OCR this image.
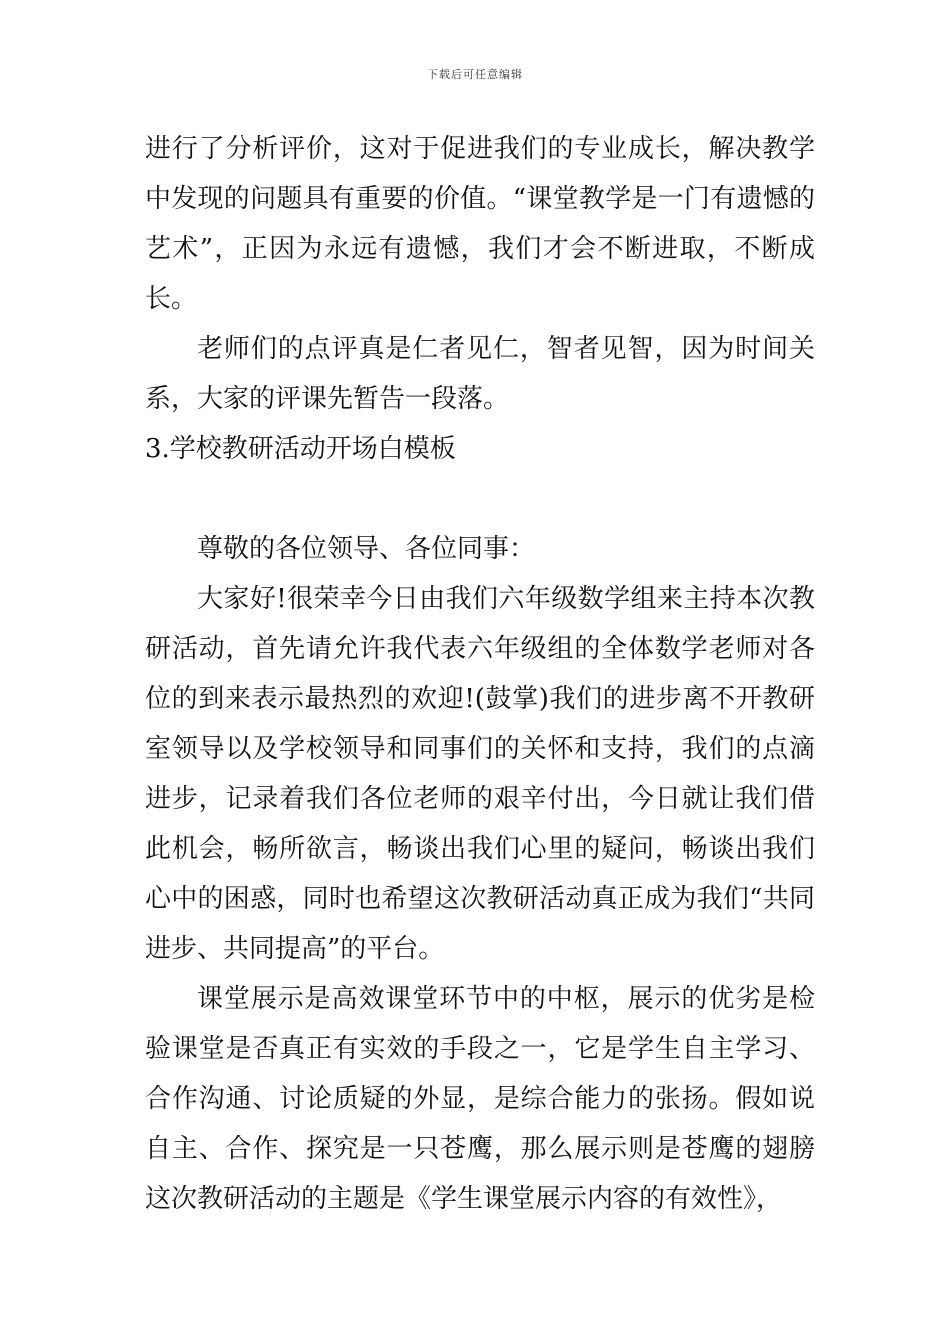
下载后可任意编辑

进行了分析评价，这对于促进我们的专业成长，解决教学中发现的问题具有重要的价值。“课堂教学是一门有遗憾的艺术”，正因为永远有遗憾，我们才会不断进取，不断成长。

老师们的点评真是仁者见仁，智者见智，因为时间关系，大家的评课先暂告一段落。

3.学校教研活动开场白模板

尊敬的各位领导、各位同事：

大家好!很荣幸今日由我们六年级数学组来主持本次教研活动，首先请允许我代表六年级组的全体数学老师对各位的到来表示最热烈的欢迎!(鼓掌)我们的进步离不开教研室领导以及学校领导和同事们的关怀和支持，我们的点滴进步，记录着我们各位老师的艰辛付出，今日就让我们借此机会，畅所欲言，畅谈出我们心里的疑问，畅谈出我们心中的困惑，同时也希望这次教研活动真正成为我们“共同进步、共同提高”的平台。

课堂展示是高效课堂环节中的中枢，展示的优劣是检验课堂是否真正有实效的手段之一，它是学生自主学习、合作沟通、讨论质疑的外显，是综合能力的张扬。假如说自主、合作、探究是一只苍鹰，那么展示则是苍鹰的翅膀这次教研活动的主题是《学生课堂展示内容的有效性》，
